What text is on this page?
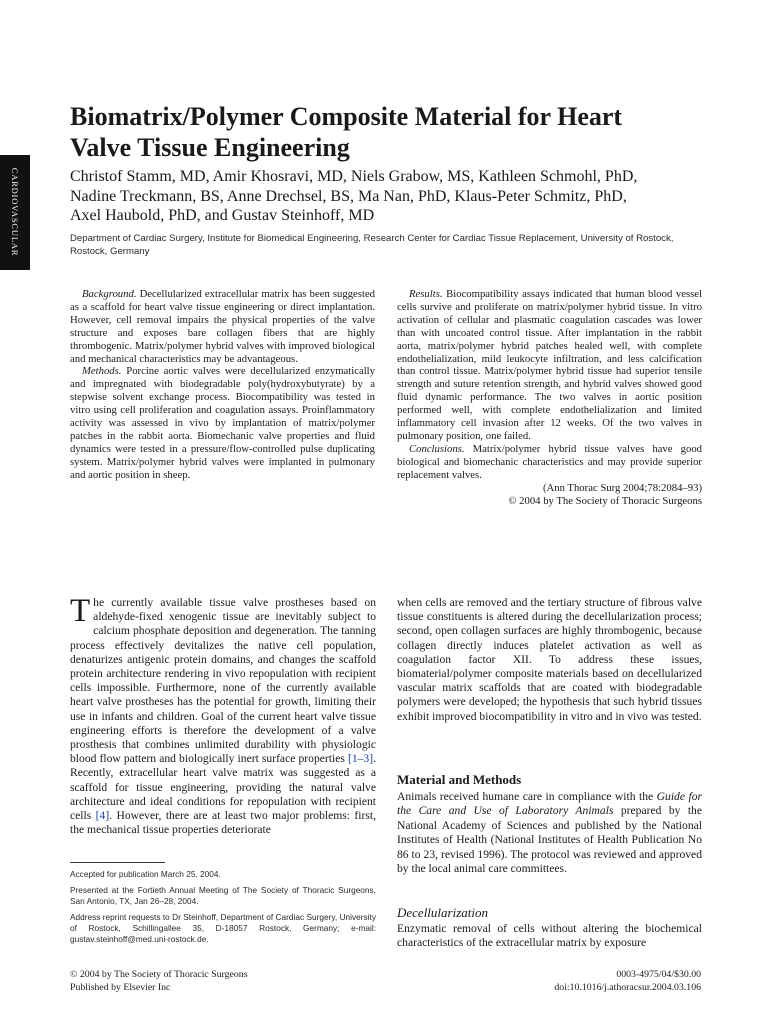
CARDIOVASCULAR
Biomatrix/Polymer Composite Material for Heart
Valve Tissue Engineering
Christof Stamm, MD, Amir Khosravi, MD, Niels Grabow, MS, Kathleen Schmohl, PhD,
Nadine Treckmann, BS, Anne Drechsel, BS, Ma Nan, PhD, Klaus-Peter Schmitz, PhD,
Axel Haubold, PhD, and Gustav Steinhoff, MD
Department of Cardiac Surgery, Institute for Biomedical Engineering, Research Center for Cardiac Tissue Replacement, University of Rostock, Rostock, Germany

Background. Decellularized extracellular matrix has been suggested as a scaffold for heart valve tissue engineering or direct implantation. However, cell removal impairs the physical properties of the valve structure and exposes bare collagen fibers that are highly thrombogenic. Matrix/polymer hybrid valves with improved biological and mechanical characteristics may be advantageous.

Methods. Porcine aortic valves were decellularized enzymatically and impregnated with biodegradable poly(hydroxybutyrate) by a stepwise solvent exchange process. Biocompatibility was tested in vitro using cell proliferation and coagulation assays. Proinflammatory activity was assessed in vivo by implantation of matrix/polymer patches in the rabbit aorta. Biomechanic valve properties and fluid dynamics were tested in a pressure/flow-controlled pulse duplicating system. Matrix/polymer hybrid valves were implanted in pulmonary and aortic position in sheep.

Results. Biocompatibility assays indicated that human blood vessel cells survive and proliferate on matrix/polymer hybrid tissue. In vitro activation of cellular and plasmatic coagulation cascades was lower than with uncoated control tissue. After implantation in the rabbit aorta, matrix/polymer hybrid patches healed well, with complete endothelialization, mild leukocyte infiltration, and less calcification than control tissue. Matrix/polymer hybrid tissue had superior tensile strength and suture retention strength, and hybrid valves showed good fluid dynamic performance. The two valves in aortic position performed well, with complete endothelialization and limited inflammatory cell invasion after 12 weeks. Of the two valves in pulmonary position, one failed.

Conclusions. Matrix/polymer hybrid tissue valves have good biological and biomechanic characteristics and may provide superior replacement valves.

(Ann Thorac Surg 2004;78:2084–93)

© 2004 by The Society of Thoracic Surgeons

The currently available tissue valve prostheses based on aldehyde-fixed xenogenic tissue are inevitably subject to calcium phosphate deposition and degeneration. The tanning process effectively devitalizes the native cell population, denaturizes antigenic protein domains, and changes the scaffold protein architecture rendering in vivo repopulation with recipient cells impossible. Furthermore, none of the currently available heart valve prostheses has the potential for growth, limiting their use in infants and children. Goal of the current heart valve tissue engineering efforts is therefore the development of a valve prosthesis that combines unlimited durability with physiologic blood flow pattern and biologically inert surface properties [1–3]. Recently, extracellular heart valve matrix was suggested as a scaffold for tissue engineering, providing the natural valve architecture and ideal conditions for repopulation with recipient cells [4]. However, there are at least two major problems: first, the mechanical tissue properties deteriorate
when cells are removed and the tertiary structure of fibrous valve tissue constituents is altered during the decellularization process; second, open collagen surfaces are highly thrombogenic, because collagen directly induces platelet activation as well as coagulation factor XII. To address these issues, biomaterial/polymer composite materials based on decellularized vascular matrix scaffolds that are coated with biodegradable polymers were developed; the hypothesis that such hybrid tissues exhibit improved biocompatibility in vitro and in vivo was tested.
Material and Methods
Animals received humane care in compliance with the Guide for the Care and Use of Laboratory Animals prepared by the National Academy of Sciences and published by the National Institutes of Health (National Institutes of Health Publication No 86 to 23, revised 1996). The protocol was reviewed and approved by the local animal care committees.
Decellularization
Enzymatic removal of cells without altering the biochemical characteristics of the extracellular matrix by exposure

Accepted for publication March 25, 2004.

Presented at the Fortieth Annual Meeting of The Society of Thoracic Surgeons, San Antonio, TX, Jan 26–28, 2004.

Address reprint requests to Dr Steinhoff, Department of Cardiac Surgery, University of Rostock, Schillingallee 35, D-18057 Rostock, Germany; e-mail: gustav.steinhoff@med.uni-rostock.de.

© 2004 by The Society of Thoracic Surgeons
Published by Elsevier Inc
0003-4975/04/$30.00
doi:10.1016/j.athoracsur.2004.03.106
